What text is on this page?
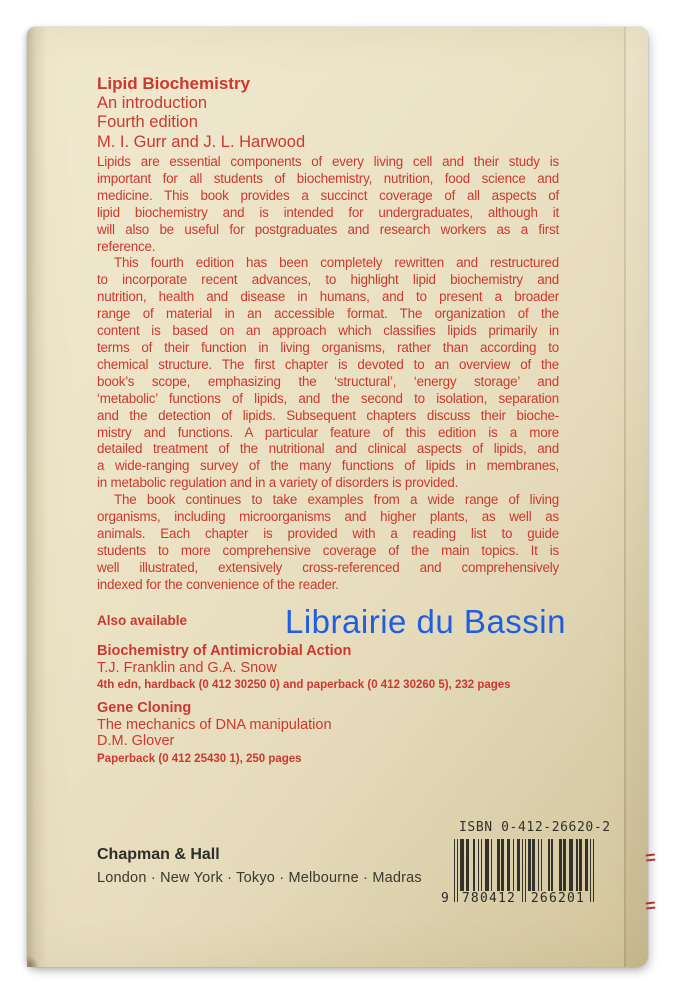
Lipid Biochemistry
An introduction
Fourth edition
M. I. Gurr and J. L. Harwood
Lipids are essential components of every living cell and their study is
important for all students of biochemistry, nutrition, food science and
medicine. This book provides a succinct coverage of all aspects of
lipid biochemistry and is intended for undergraduates, although it
will also be useful for postgraduates and research workers as a first
reference.
This fourth edition has been completely rewritten and restructured
to incorporate recent advances, to highlight lipid biochemistry and
nutrition, health and disease in humans, and to present a broader
range of material in an accessible format. The organization of the
content is based on an approach which classifies lipids primarily in
terms of their function in living organisms, rather than according to
chemical structure. The first chapter is devoted to an overview of the
book’s scope, emphasizing the ‘structural’, ‘energy storage’ and
‘metabolic’ functions of lipids, and the second to isolation, separation
and the detection of lipids. Subsequent chapters discuss their bioche-
mistry and functions. A particular feature of this edition is a more
detailed treatment of the nutritional and clinical aspects of lipids, and
a wide-ranging survey of the many functions of lipids in membranes,
in metabolic regulation and in a variety of disorders is provided.
The book continues to take examples from a wide range of living
organisms, including microorganisms and higher plants, as well as
animals. Each chapter is provided with a reading list to guide
students to more comprehensive coverage of the main topics. It is
well illustrated, extensively cross-referenced and comprehensively
indexed for the convenience of the reader.
Also available	Librairie du Bassin
Biochemistry of Antimicrobial Action
T.J. Franklin and G.A. Snow
4th edn, hardback (0 412 30250 0) and paperback (0 412 30260 5), 232 pages
Gene Cloning
The mechanics of DNA manipulation
D.M. Glover
Paperback (0 412 25430 1), 250 pages
ISBN 0-412-26620-2
9	780412	266201
Chapman & Hall
London · New York · Tokyo · Melbourne · Madras
